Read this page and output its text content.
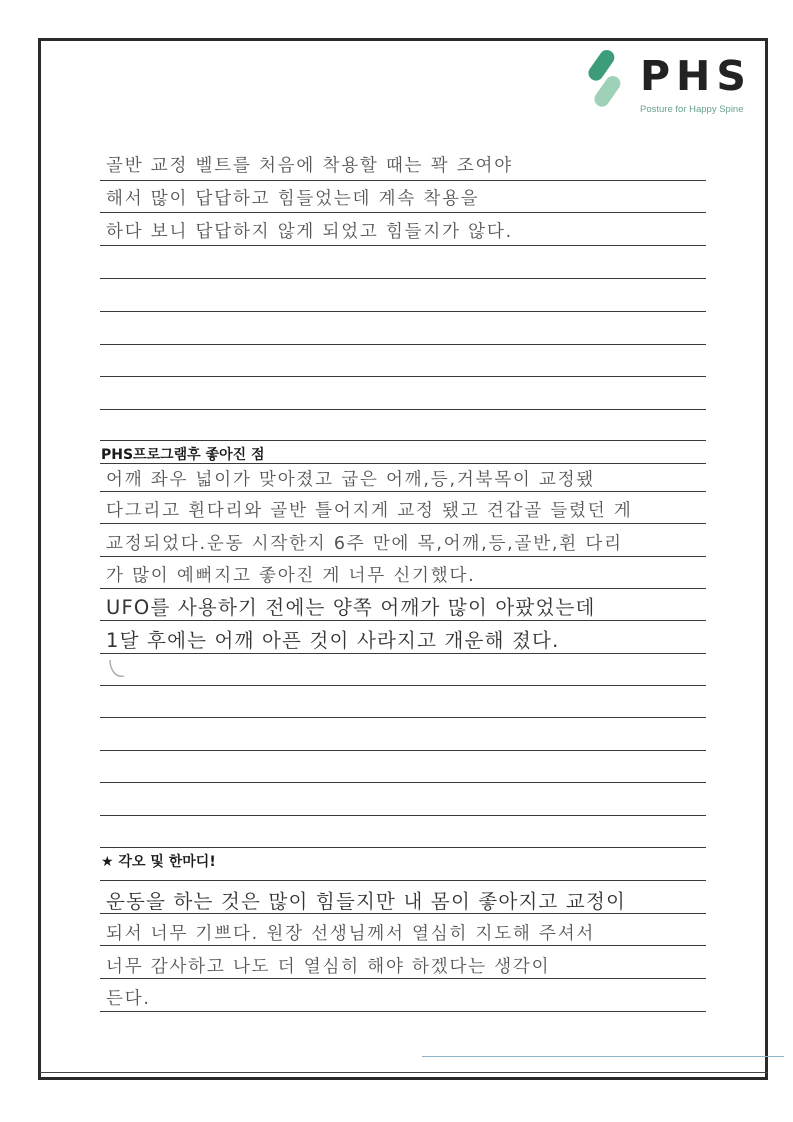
PHS
Posture for Happy Spine
골반 교정 벨트를 처음에 착용할 때는 꽉 조여야
해서 많이 답답하고 힘들었는데 계속 착용을
하다 보니 답답하지 않게 되었고 힘들지가 않다.
PHS프로그램후 좋아진 점
어깨 좌우 넓이가 맞아졌고 굽은 어깨,등,거북목이 교정됐
다그리고 휜다리와 골반 틀어지게 교정 됐고 견갑골 들렸던 게
교정되었다.운동 시작한지 6주 만에 목,어깨,등,골반,휜 다리
가 많이 예뻐지고 좋아진 게 너무 신기했다.
UFO를 사용하기 전에는 양쪽 어깨가 많이 아팠었는데
1달 후에는 어깨 아픈 것이 사라지고 개운해 졌다.
★ 각오 및 한마디!
운동을 하는 것은 많이 힘들지만 내 몸이 좋아지고 교정이
되서 너무 기쁘다. 원장 선생님께서 열심히 지도해 주셔서
너무 감사하고 나도 더 열심히 해야 하겠다는 생각이
든다.
